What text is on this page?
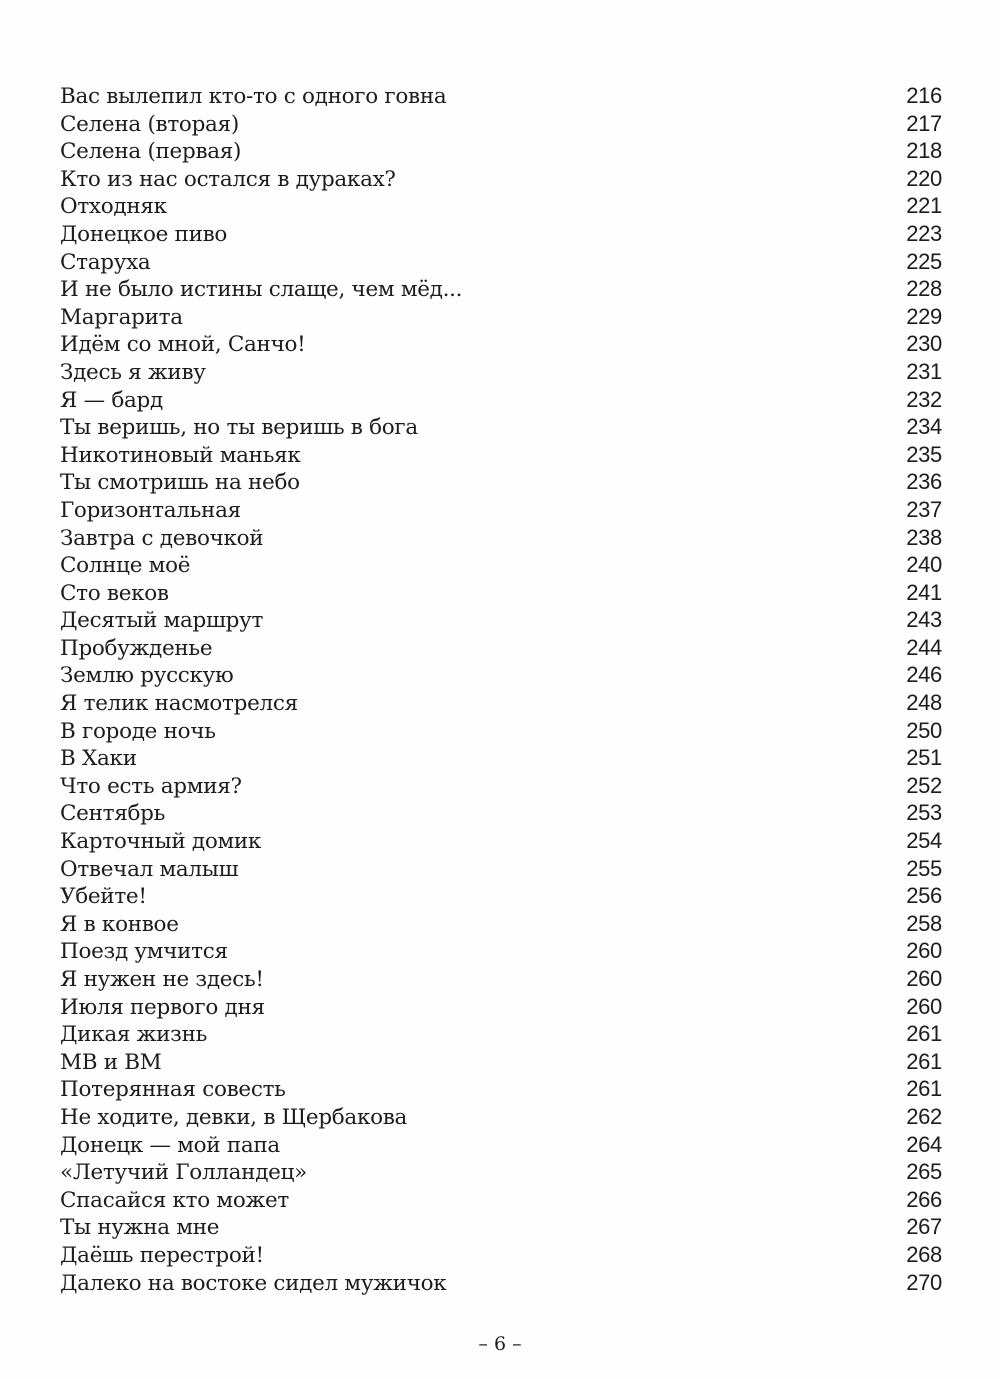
Вас вылепил кто-то с одного говна	216
Селена (вторая)	217
Селена (первая)	218
Кто из нас остался в дураках?	220
Отходняк	221
Донецкое пиво	223
Старуха	225
И не было истины слаще, чем мёд...	228
Маргарита	229
Идём со мной, Санчо!	230
Здесь я живу	231
Я — бард	232
Ты веришь, но ты веришь в бога	234
Никотиновый маньяк	235
Ты смотришь на небо	236
Горизонтальная	237
Завтра с девочкой	238
Солнце моё	240
Сто веков	241
Десятый маршрут	243
Пробужденье	244
Землю русскую	246
Я телик насмотрелся	248
В городе ночь	250
В Хаки	251
Что есть армия?	252
Сентябрь	253
Карточный домик	254
Отвечал малыш	255
Убейте!	256
Я в конвое	258
Поезд умчится	260
Я нужен не здесь!	260
Июля первого дня	260
Дикая жизнь	261
МВ и ВМ	261
Потерянная совесть	261
Не ходите, девки, в Щербакова	262
Донецк — мой папа	264
«Летучий Голландец»	265
Спасайся кто может	266
Ты нужна мне	267
Даёшь перестрой!	268
Далеко на востоке сидел мужичок	270
– 6 –
